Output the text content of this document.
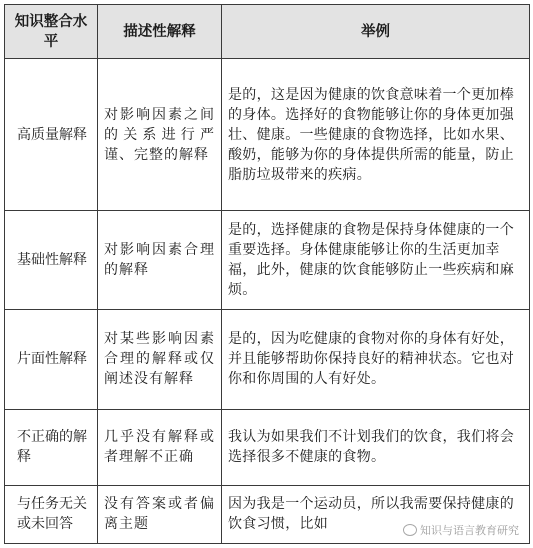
知识整合水平	描述性解释	举例
高质量解释	对影响因素之间的关系进行严谨、完整的解释	是的，这是因为健康的饮食意味着一个更加棒的身体。选择好的食物能够让你的身体更加强壮、健康。一些健康的食物选择，比如水果、酸奶，能够为你的身体提供所需的能量，防止脂肪垃圾带来的疾病。
基础性解释	对影响因素合理的解释	是的，选择健康的食物是保持身体健康的一个重要选择。身体健康能够让你的生活更加幸福，此外，健康的饮食能够防止一些疾病和麻烦。
片面性解释	对某些影响因素合理的解释或仅阐述没有解释	是的，因为吃健康的食物对你的身体有好处，并且能够帮助你保持良好的精神状态。它也对你和你周围的人有好处。
不正确的解释	几乎没有解释或者理解不正确	我认为如果我们不计划我们的饮食，我们将会选择很多不健康的食物。
与任务无关或未回答	没有答案或者偏离主题	因为我是一个运动员，所以我需要保持健康的饮食习惯，比如	知识与语言教育研究
